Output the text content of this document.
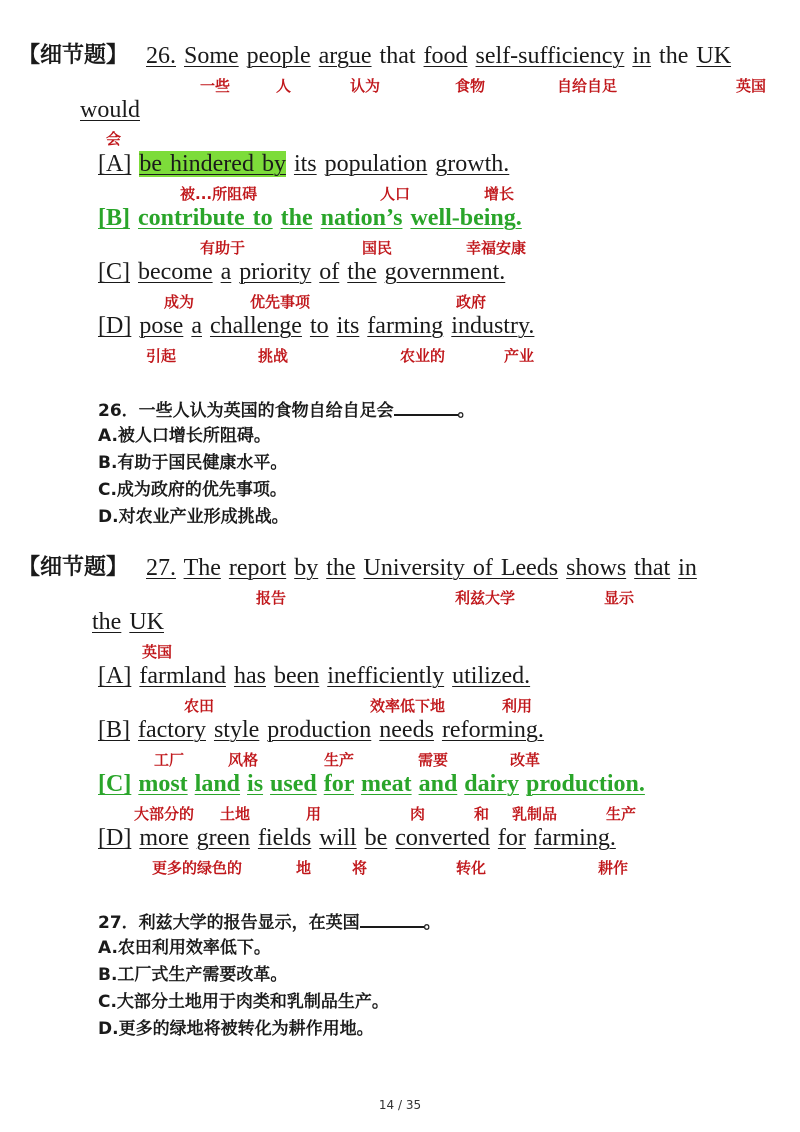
【细节题】 26. Some people argue that food self-sufficiency in the UK
一些	人	认为	食物	自给自足	英国
would
会
[A] be hindered by its population growth.
被...所阻碍	人口	增长
[B] contribute to the nation’s well-being.
有助于	国民	幸福安康
[C] become a priority of the government.
成为	优先事项	政府
[D] pose a challenge to its farming industry.
引起	挑战	农业的	产业
26．一些人认为英国的食物自给自足会	。
A.被人口增长所阻碍。
B.有助于国民健康水平。
C.成为政府的优先事项。
D.对农业产业形成挑战。
【细节题】 27. The report by the University of Leeds shows that in
报告	利兹大学	显示
the UK
英国
[A] farmland has been inefficiently utilized.
农田	效率低下地	利用
[B] factory style production needs reforming.
工厂	风格	生产	需要	改革
[C] most land is used for meat and dairy production.
大部分的 土地	用	肉	和 乳制品	生产
[D] more green fields will be converted for farming.
更多的绿色的	地	将	转化	耕作
27．利兹大学的报告显示，在英国	。
A.农田利用效率低下。
B.工厂式生产需要改革。
C.大部分土地用于肉类和乳制品生产。
D.更多的绿地将被转化为耕作用地。
14 / 35
